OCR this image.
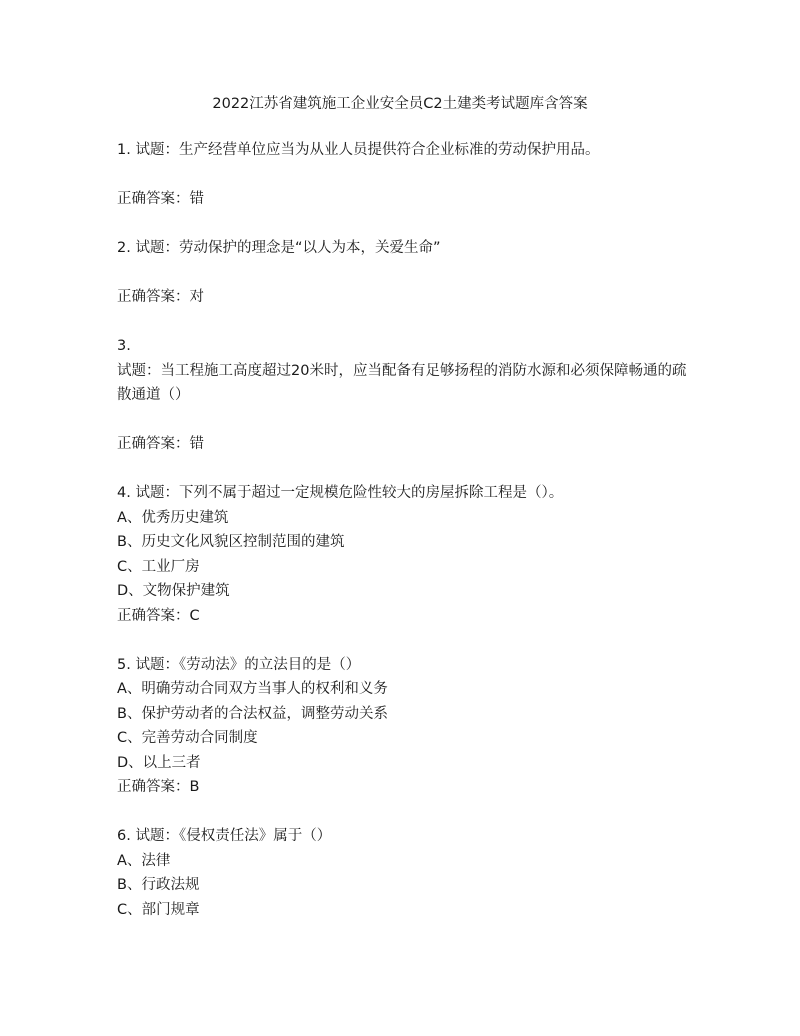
2022江苏省建筑施工企业安全员C2土建类考试题库含答案
1. 试题：生产经营单位应当为从业人员提供符合企业标准的劳动保护用品。
正确答案：错
2. 试题：劳动保护的理念是“以人为本，关爱生命”
正确答案：对
3.
试题：当工程施工高度超过20米时，应当配备有足够扬程的消防水源和必须保障畅通的疏
散通道（）
正确答案：错
4. 试题：下列不属于超过一定规模危险性较大的房屋拆除工程是（）。
A、优秀历史建筑
B、历史文化风貌区控制范围的建筑
C、工业厂房
D、文物保护建筑
正确答案：C
5. 试题：《劳动法》的立法目的是（）
A、明确劳动合同双方当事人的权利和义务
B、保护劳动者的合法权益，调整劳动关系
C、完善劳动合同制度
D、以上三者
正确答案：B
6. 试题：《侵权责任法》属于（）
A、法律
B、行政法规
C、部门规章
